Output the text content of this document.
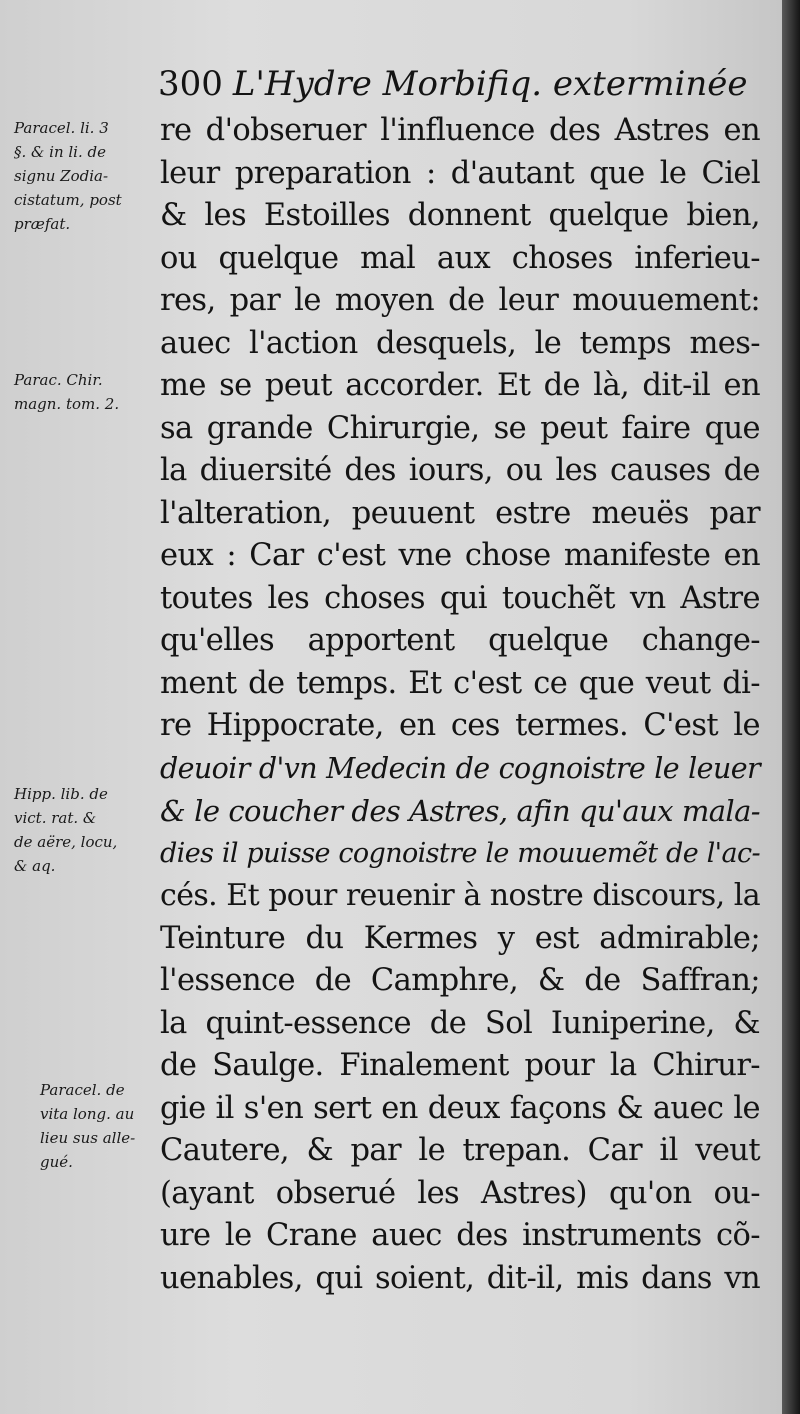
300 L'Hydre Morbifiq. exterminée
Paracel. li. 3
§. & in li. de
signu Zodia-
cistatum, post
præfat.
Parac. Chir.
magn. tom. 2.
Hipp. lib. de
vict. rat. &
de aëre, locu,
& aq.
Paracel. de
vita long. au
lieu sus alle-
gué.
re d'obseruer l'influence des Astres en
leur preparation : d'autant que le Ciel
& les Estoilles donnent quelque bien,
ou quelque mal aux choses inferieu-
res, par le moyen de leur mouuement:
auec l'action desquels, le temps mes-
me se peut accorder. Et de là, dit-il en
sa grande Chirurgie, se peut faire que
la diuersité des iours, ou les causes de
l'alteration, peuuent estre meuës par
eux : Car c'est vne chose manifeste en
toutes les choses qui touchẽt vn Astre
qu'elles apportent quelque change-
ment de temps. Et c'est ce que veut di-
re Hippocrate, en ces termes. C'est le
deuoir d'vn Medecin de cognoistre le leuer
& le coucher des Astres, afin qu'aux mala-
dies il puisse cognoistre le mouuemẽt de l'ac-
cés. Et pour reuenir à nostre discours, la
Teinture du Kermes y est admirable;
l'essence de Camphre, & de Saffran;
la quint-essence de Sol Iuniperine, &
de Saulge. Finalement pour la Chirur-
gie il s'en sert en deux façons & auec le
Cautere, & par le trepan. Car il veut
(ayant obserué les Astres) qu'on ou-
ure le Crane auec des instruments cõ-
uenables, qui soient, dit-il, mis dans vn
